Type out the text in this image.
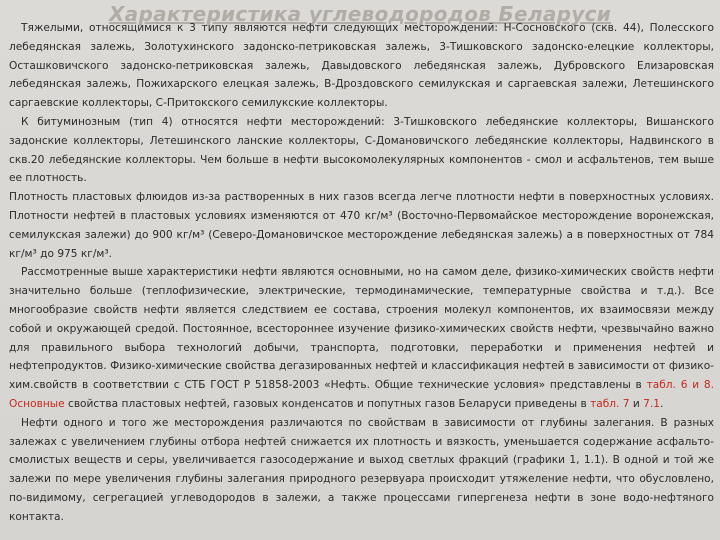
Характеристика углеводородов Беларуси

Тяжелыми, относящимися к 3 типу являются нефти следующих месторождений: Н-Сосновского (скв. 44), Полесского лебедянская залежь, Золотухинского задонско-петриковская залежь, 3-Тишковского задонско-елецкие коллекторы, Осташковичского задонско-петриковская залежь, Давыдовского лебедянская залежь, Дубровского Елизаровская лебедянская залежь, Пожихарского елецкая залежь, В-Дроздовского семилукская и саргаевская залежи, Летешинского саргаевские коллекторы, С-Притокского семилукские коллекторы.

К битуминозным (тип 4) относятся нефти месторождений: 3-Тишковского лебедянские коллекторы, Вишанского задонские коллекторы, Летешинского ланские коллекторы, С-Домановичского лебедянские коллекторы, Надвинского в скв.20 лебедянские коллекторы. Чем больше в нефти высокомолекулярных компонентов - смол и асфальтенов, тем выше ее плотность.

Плотность пластовых флюидов из-за растворенных в них газов всегда легче плотности нефти в поверхностных условиях. Плотности нефтей в пластовых условиях изменяются от 470 кг/м³ (Восточно-Первомайское месторождение воронежская, семилукская залежи) до 900 кг/м³ (Северо-Домановичское месторождение лебедянская залежь) а в поверхностных от 784 кг/м³ до 975 кг/м³.

Рассмотренные выше характеристики нефти являются основными, но на самом деле, физико-химических свойств нефти значительно больше (теплофизические, электрические, термодинамические, температурные свойства и т.д.). Все многообразие свойств нефти является следствием ее состава, строения молекул компонентов, их взаимосвязи между собой и окружающей средой. Постоянное, всестороннее изучение физико-химических свойств нефти, чрезвычайно важно для правильного выбора технологий добычи, транспорта, подготовки, переработки и применения нефтей и нефтепродуктов. Физико-химические свойства дегазированных нефтей и классификация нефтей в зависимости от физико-хим.свойств в соответствии с СТБ ГОСТ Р 51858-2003 «Нефть. Общие технические условия» представлены в табл. 6 и 8. Основные свойства пластовых нефтей, газовых конденсатов и попутных газов Беларуси приведены в табл. 7 и 7.1.

Нефти одного и того же месторождения различаются по свойствам в зависимости от глубины залегания. В разных залежах с увеличением глубины отбора нефтей снижается их плотность и вязкость, уменьшается содержание асфальто-смолистых веществ и серы, увеличивается газосодержание и выход светлых фракций (графики 1, 1.1). В одной и той же залежи по мере увеличения глубины залегания природного резервуара происходит утяжеление нефти, что обусловлено, по-видимому, сегрегацией углеводородов в залежи, а также процессами гипергенеза нефти в зоне водо-нефтяного контакта.
